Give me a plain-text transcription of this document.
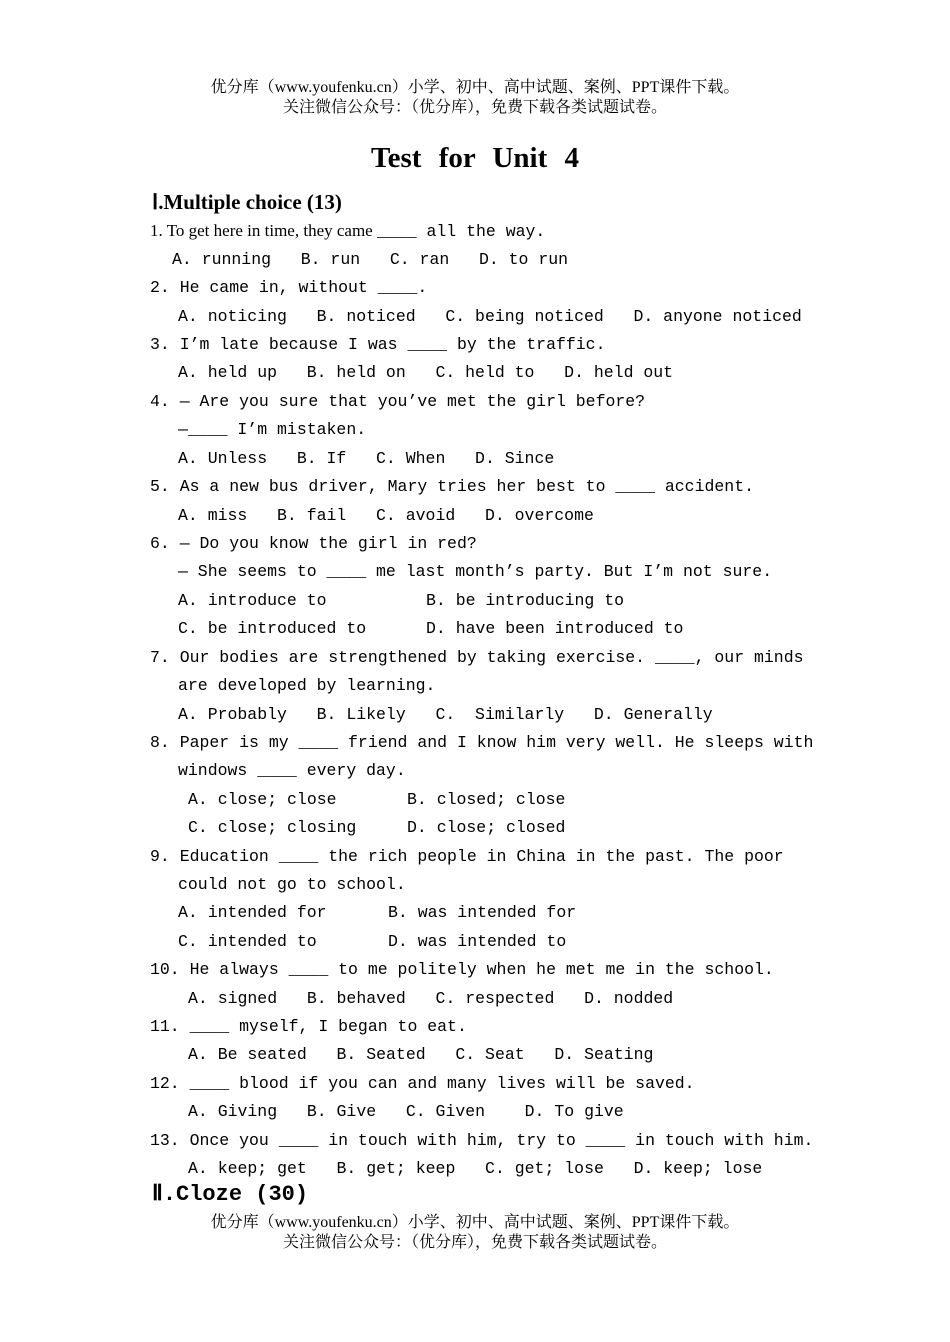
优分库（www.youfenku.cn）小学、初中、高中试题、案例、PPT课件下载。
关注微信公众号：（优分库），免费下载各类试题试卷。
Test for Unit 4
Ⅰ.Multiple choice (13)
1. To get here in time, they came ____ all the way.
A. running   B. run   C. ran   D. to run
2. He came in, without ____.
A. noticing   B. noticed   C. being noticed   D. anyone noticed
3. I’m late because I was ____ by the traffic.
A. held up   B. held on   C. held to   D. held out
4. — Are you sure that you’ve met the girl before?
—____ I’m mistaken.
A. Unless   B. If   C. When   D. Since
5. As a new bus driver, Mary tries her best to ____ accident.
A. miss   B. fail   C. avoid   D. overcome
6. — Do you know the girl in red?
— She seems to ____ me last month’s party. But I’m not sure.
A. introduce to	B. be introducing to
C. be introduced to	D. have been introduced to
7. Our bodies are strengthened by taking exercise. ____, our minds
are developed by learning.
A. Probably   B. Likely   C.  Similarly   D. Generally
8. Paper is my ____ friend and I know him very well. He sleeps with
windows ____ every day.
A. close; close	B. closed; close
C. close; closing	D. close; closed
9. Education ____ the rich people in China in the past. The poor
could not go to school.
A. intended for	B. was intended for
C. intended to	D. was intended to
10. He always ____ to me politely when he met me in the school.
A. signed   B. behaved   C. respected   D. nodded
11. ____ myself, I began to eat.
A. Be seated   B. Seated   C. Seat   D. Seating
12. ____ blood if you can and many lives will be saved.
A. Giving   B. Give   C. Given    D. To give
13. Once you ____ in touch with him, try to ____ in touch with him.
A. keep; get   B. get; keep   C. get; lose   D. keep; lose
Ⅱ.Cloze (30)
优分库（www.youfenku.cn）小学、初中、高中试题、案例、PPT课件下载。
关注微信公众号：（优分库），免费下载各类试题试卷。
